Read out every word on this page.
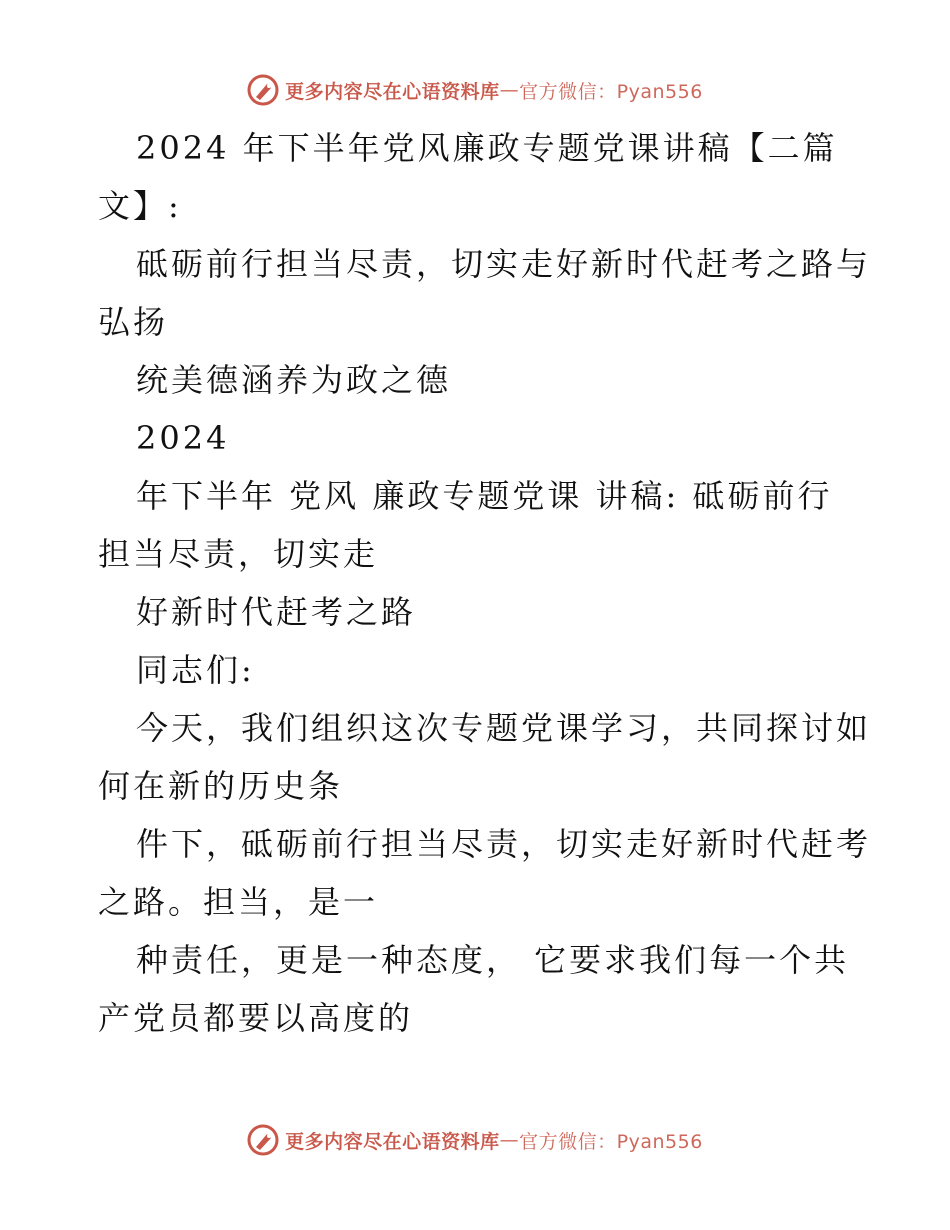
更多内容尽在心语资料库 — 官方微信：Pyan556
2024 年下半年党风廉政专题党课讲稿【二篇
文】:
砥砺前行担当尽责，切实走好新时代赶考之路与
弘扬
统美德涵养为政之德
2024
年下半年 党风 廉政专题党课 讲稿: 砥砺前行
担当尽责，切实走
好新时代赶考之路
同志们:
今天，我们组织这次专题党课学习，共同探讨如
何在新的历史条
件下，砥砺前行担当尽责，切实走好新时代赶考
之路。担当，是一
种责任，更是一种态度， 它要求我们每一个共
产党员都要以高度的
更多内容尽在心语资料库 — 官方微信：Pyan556
